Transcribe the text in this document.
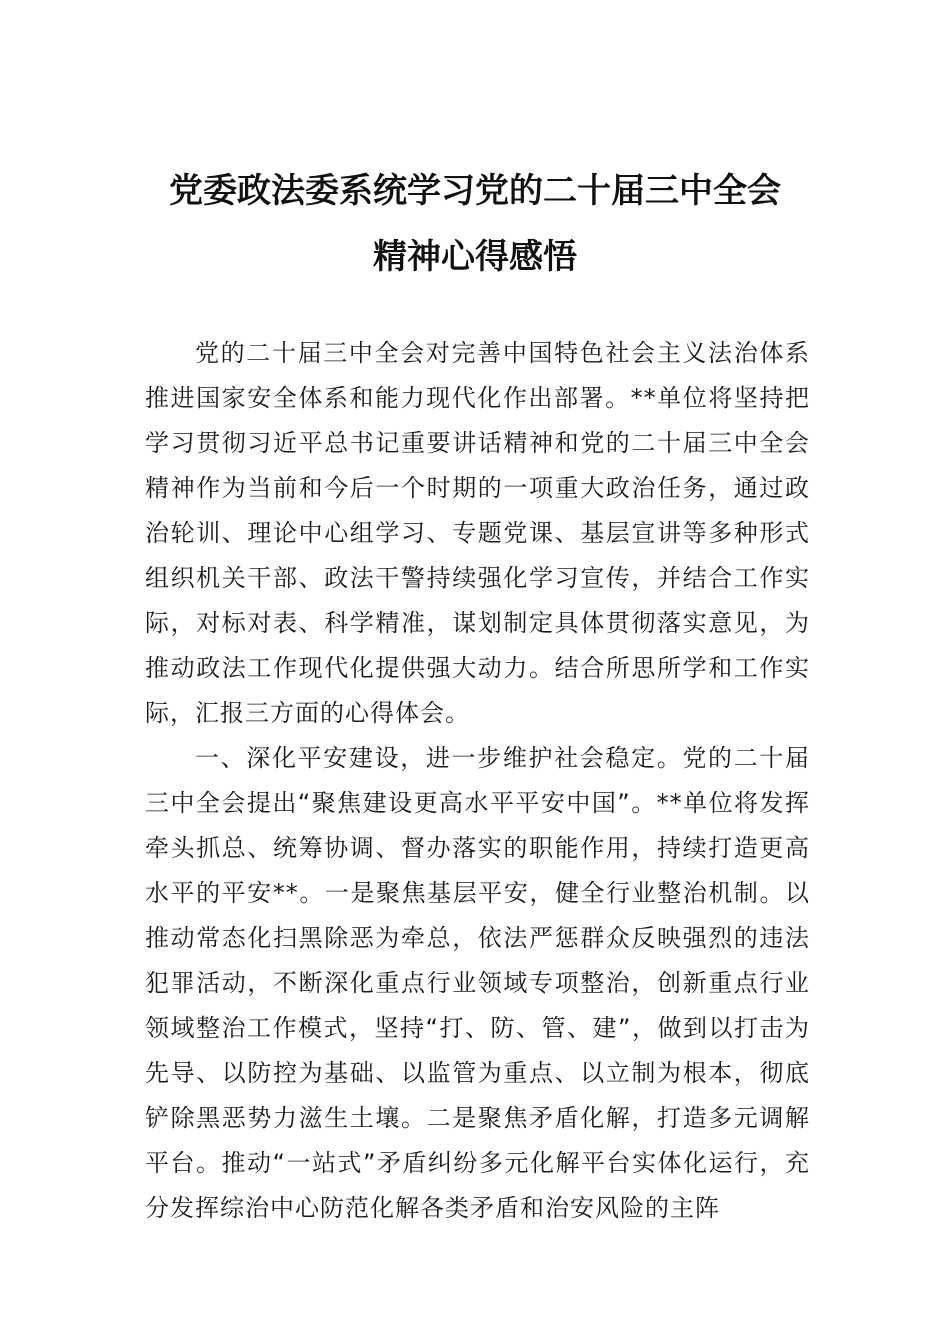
党委政法委系统学习党的二十届三中全会
精神心得感悟

党的二十届三中全会对完善中国特色社会主义法治体系推进国家安全体系和能力现代化作出部署。**单位将坚持把学习贯彻习近平总书记重要讲话精神和党的二十届三中全会精神作为当前和今后一个时期的一项重大政治任务，通过政治轮训、理论中心组学习、专题党课、基层宣讲等多种形式组织机关干部、政法干警持续强化学习宣传，并结合工作实际，对标对表、科学精准，谋划制定具体贯彻落实意见，为推动政法工作现代化提供强大动力。结合所思所学和工作实际，汇报三方面的心得体会。

一、深化平安建设，进一步维护社会稳定。党的二十届三中全会提出“聚焦建设更高水平平安中国”。**单位将发挥牵头抓总、统筹协调、督办落实的职能作用，持续打造更高水平的平安**。一是聚焦基层平安，健全行业整治机制。以推动常态化扫黑除恶为牵总，依法严惩群众反映强烈的违法犯罪活动，不断深化重点行业领域专项整治，创新重点行业领域整治工作模式，坚持“打、防、管、建”，做到以打击为先导、以防控为基础、以监管为重点、以立制为根本，彻底铲除黑恶势力滋生土壤。二是聚焦矛盾化解，打造多元调解平台。推动“一站式”矛盾纠纷多元化解平台实体化运行，充分发挥综治中心防范化解各类矛盾和治安风险的主阵
